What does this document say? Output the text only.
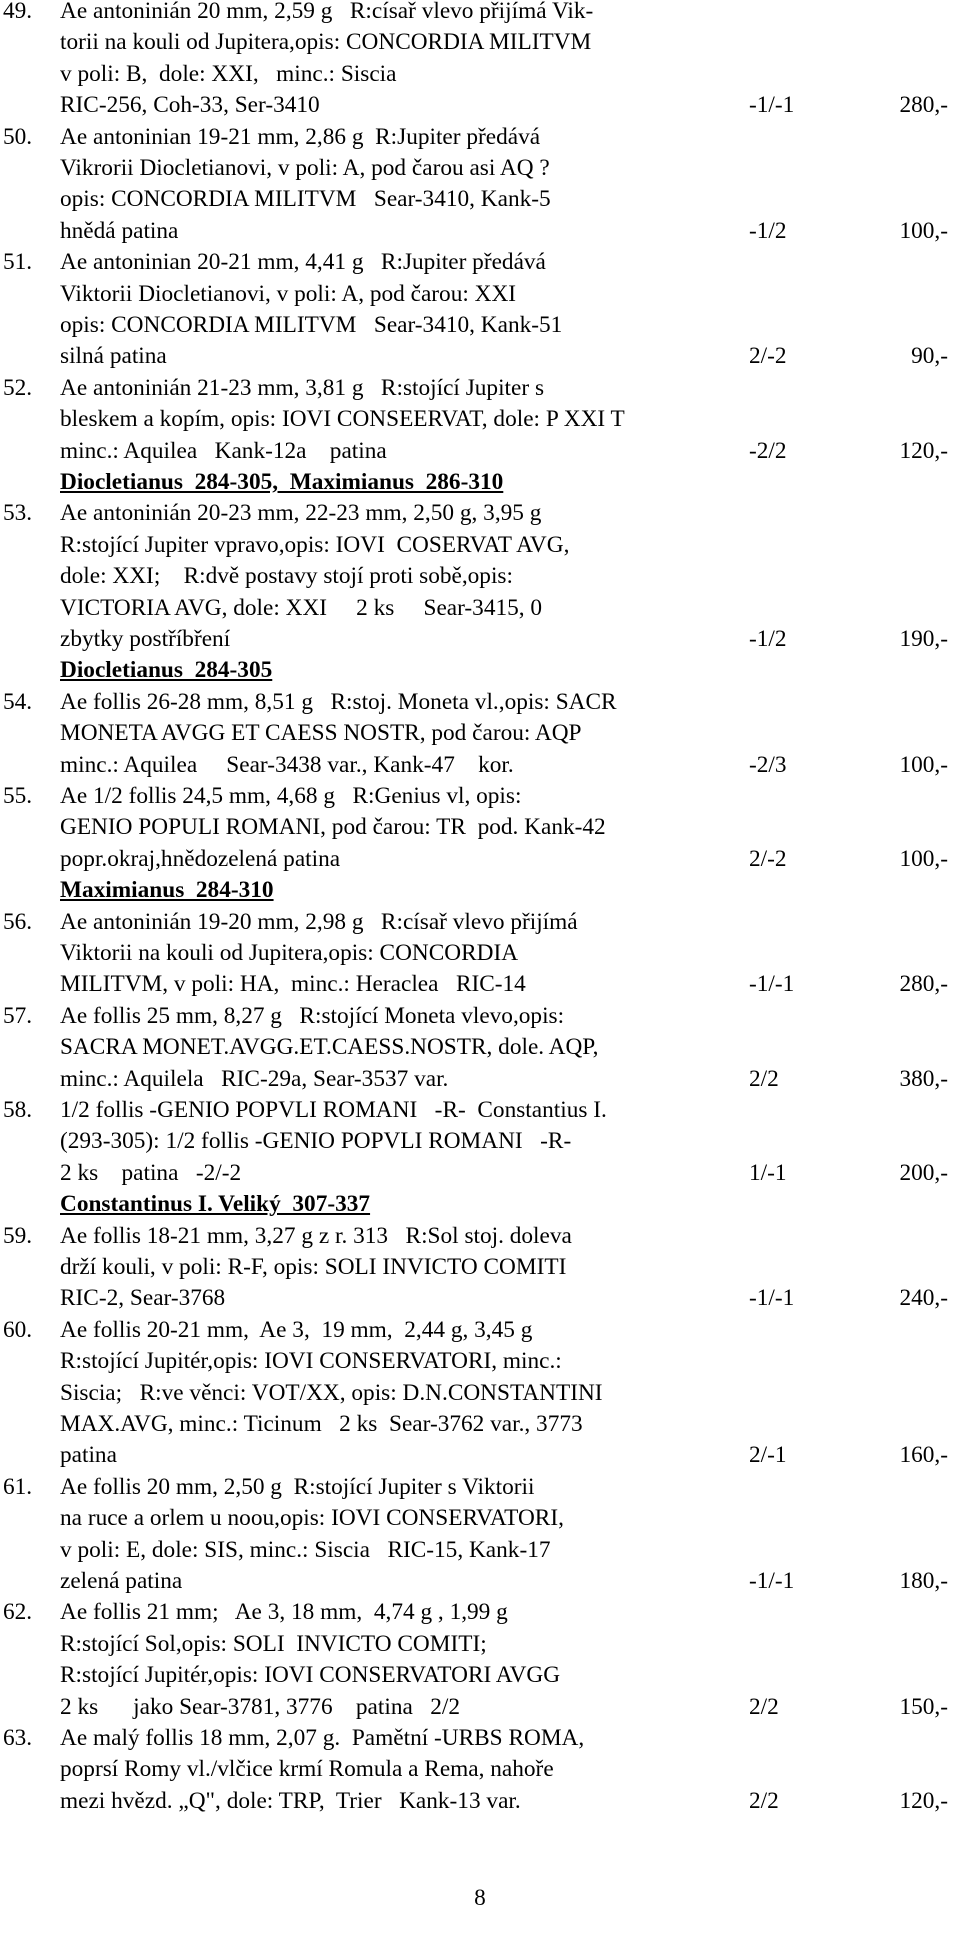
49. Ae antoninián 20 mm, 2,59 g   R:císař vlevo přijímá Vik-
torii na kouli od Jupitera,opis: CONCORDIA MILITVM
v poli: B,  dole: XXI,   minc.: Siscia
RIC-256, Coh-33, Ser-3410	-1/-1	280,-
50. Ae antoninian 19-21 mm, 2,86 g  R:Jupiter předává
Vikrorii Diocletianovi, v poli: A, pod čarou asi AQ ?
opis: CONCORDIA MILITVM   Sear-3410, Kank-5
hnědá patina	-1/2	100,-
51. Ae antoninian 20-21 mm, 4,41 g   R:Jupiter předává
Viktorii Diocletianovi, v poli: A, pod čarou: XXI
opis: CONCORDIA MILITVM   Sear-3410, Kank-51
silná patina	2/-2	90,-
52. Ae antoninián 21-23 mm, 3,81 g   R:stojící Jupiter s
bleskem a kopím, opis: IOVI CONSEERVAT, dole: P XXI T
minc.: Aquilea   Kank-12a    patina	-2/2	120,-
Diocletianus  284-305,  Maximianus  286-310
53. Ae antoninián 20-23 mm, 22-23 mm, 2,50 g, 3,95 g
R:stojící Jupiter vpravo,opis: IOVI  COSERVAT AVG,
dole: XXI;    R:dvě postavy stojí proti sobě,opis:
VICTORIA AVG, dole: XXI     2 ks     Sear-3415, 0
zbytky postříbření	-1/2	190,-
Diocletianus  284-305
54. Ae follis 26-28 mm, 8,51 g   R:stoj. Moneta vl.,opis: SACR
MONETA AVGG ET CAESS NOSTR, pod čarou: AQP
minc.: Aquilea     Sear-3438 var., Kank-47    kor.	-2/3	100,-
55. Ae 1/2 follis 24,5 mm, 4,68 g   R:Genius vl, opis:
GENIO POPULI ROMANI, pod čarou: TR  pod. Kank-42
popr.okraj,hnědozelená patina	2/-2	100,-
Maximianus  284-310
56. Ae antoninián 19-20 mm, 2,98 g   R:císař vlevo přijímá
Viktorii na kouli od Jupitera,opis: CONCORDIA
MILITVM, v poli: HA,  minc.: Heraclea   RIC-14	-1/-1	280,-
57. Ae follis 25 mm, 8,27 g   R:stojící Moneta vlevo,opis:
SACRA MONET.AVGG.ET.CAESS.NOSTR, dole. AQP,
minc.: Aquilela   RIC-29a, Sear-3537 var.	2/2	380,-
58. 1/2 follis -GENIO POPVLI ROMANI   -R-  Constantius I.
(293-305): 1/2 follis -GENIO POPVLI ROMANI   -R-
2 ks    patina   -2/-2	1/-1	200,-
Constantinus I. Veliký  307-337
59. Ae follis 18-21 mm, 3,27 g z r. 313   R:Sol stoj. doleva
drží kouli, v poli: R-F, opis: SOLI INVICTO COMITI
RIC-2, Sear-3768	-1/-1	240,-
60. Ae follis 20-21 mm,  Ae 3,  19 mm,  2,44 g, 3,45 g
R:stojící Jupitér,opis: IOVI CONSERVATORI, minc.:
Siscia;   R:ve věnci: VOT/XX, opis: D.N.CONSTANTINI
MAX.AVG, minc.: Ticinum   2 ks  Sear-3762 var., 3773
patina	2/-1	160,-
61. Ae follis 20 mm, 2,50 g  R:stojící Jupiter s Viktorii
na ruce a orlem u noou,opis: IOVI CONSERVATORI,
v poli: E, dole: SIS, minc.: Siscia   RIC-15, Kank-17
zelená patina	-1/-1	180,-
62. Ae follis 21 mm;   Ae 3, 18 mm,  4,74 g , 1,99 g
R:stojící Sol,opis: SOLI  INVICTO COMITI;
R:stojící Jupitér,opis: IOVI CONSERVATORI AVGG
2 ks      jako Sear-3781, 3776    patina   2/2	2/2	150,-
63. Ae malý follis 18 mm, 2,07 g.  Pamětní -URBS ROMA,
poprsí Romy vl./vlčice krmí Romula a Rema, nahoře
mezi hvězd. „Q", dole: TRP,  Trier   Kank-13 var.	2/2	120,-
8
